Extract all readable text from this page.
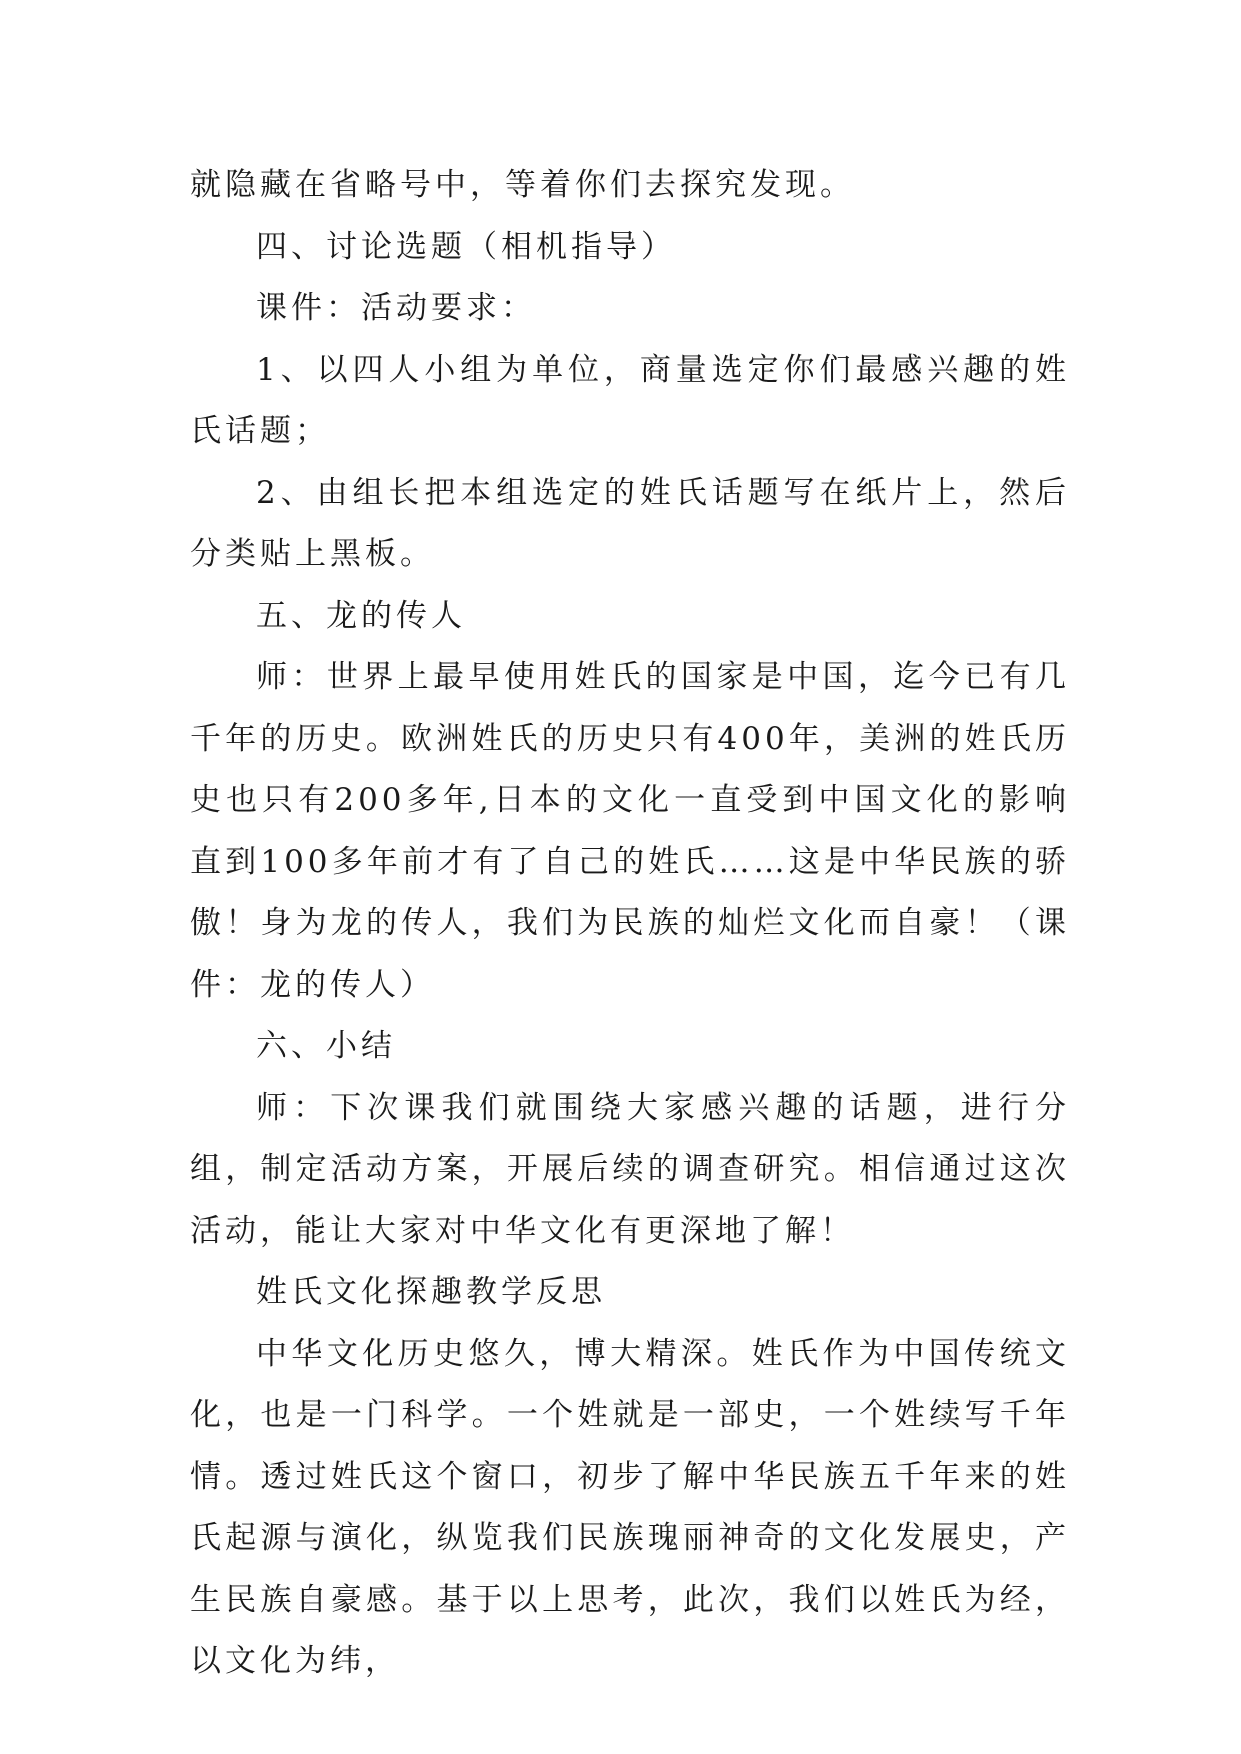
就隐藏在省略号中，等着你们去探究发现。

四、讨论选题（相机指导）

课件：活动要求：

1、以四人小组为单位，商量选定你们最感兴趣的姓氏话题；

2、由组长把本组选定的姓氏话题写在纸片上，然后分类贴上黑板。

五、龙的传人

师：世界上最早使用姓氏的国家是中国，迄今已有几千年的历史。欧洲姓氏的历史只有400年，美洲的姓氏历史也只有200多年,日本的文化一直受到中国文化的影响直到100多年前才有了自己的姓氏……这是中华民族的骄傲！身为龙的传人，我们为民族的灿烂文化而自豪！（课件：龙的传人）

六、小结

师：下次课我们就围绕大家感兴趣的话题，进行分组，制定活动方案，开展后续的调查研究。相信通过这次活动，能让大家对中华文化有更深地了解！

姓氏文化探趣教学反思

中华文化历史悠久，博大精深。姓氏作为中国传统文化，也是一门科学。一个姓就是一部史，一个姓续写千年情。透过姓氏这个窗口，初步了解中华民族五千年来的姓氏起源与演化，纵览我们民族瑰丽神奇的文化发展史，产生民族自豪感。基于以上思考，此次，我们以姓氏为经，以文化为纬，
